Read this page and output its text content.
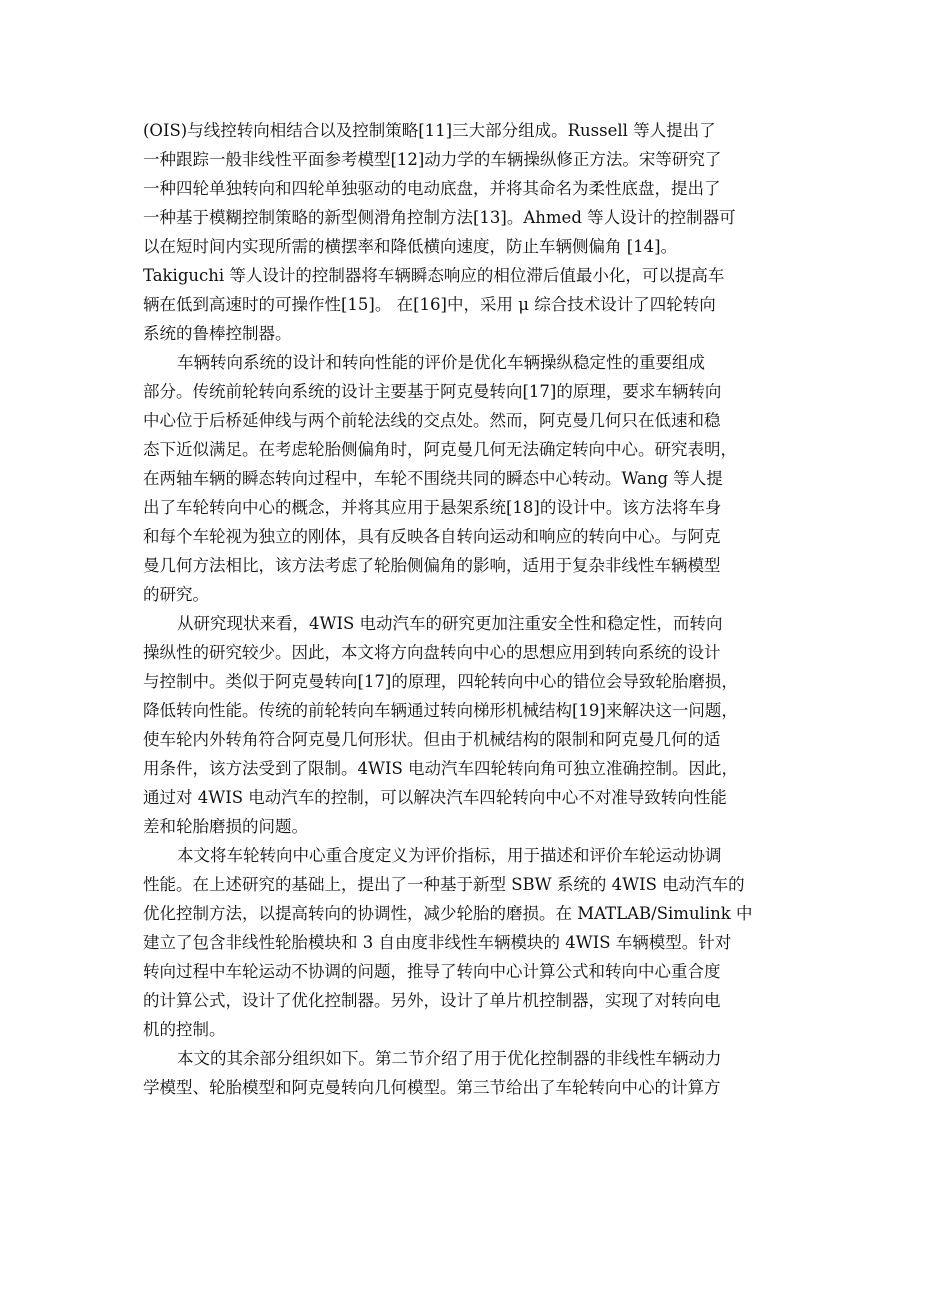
(OIS)与线控转向相结合以及控制策略[11]三大部分组成。Russell 等人提出了
一种跟踪一般非线性平面参考模型[12]动力学的车辆操纵修正方法。宋等研究了
一种四轮单独转向和四轮单独驱动的电动底盘，并将其命名为柔性底盘，提出了
一种基于模糊控制策略的新型侧滑角控制方法[13]。Ahmed 等人设计的控制器可
以在短时间内实现所需的横摆率和降低横向速度，防止车辆侧偏角 [14]。
Takiguchi 等人设计的控制器将车辆瞬态响应的相位滞后值最小化，可以提高车
辆在低到高速时的可操作性[15]。 在[16]中，采用 μ 综合技术设计了四轮转向
系统的鲁棒控制器。

车辆转向系统的设计和转向性能的评价是优化车辆操纵稳定性的重要组成
部分。传统前轮转向系统的设计主要基于阿克曼转向[17]的原理，要求车辆转向
中心位于后桥延伸线与两个前轮法线的交点处。然而，阿克曼几何只在低速和稳
态下近似满足。在考虑轮胎侧偏角时，阿克曼几何无法确定转向中心。研究表明，
在两轴车辆的瞬态转向过程中，车轮不围绕共同的瞬态中心转动。Wang 等人提
出了车轮转向中心的概念，并将其应用于悬架系统[18]的设计中。该方法将车身
和每个车轮视为独立的刚体，具有反映各自转向运动和响应的转向中心。与阿克
曼几何方法相比，该方法考虑了轮胎侧偏角的影响，适用于复杂非线性车辆模型
的研究。

从研究现状来看，4WIS 电动汽车的研究更加注重安全性和稳定性，而转向
操纵性的研究较少。因此，本文将方向盘转向中心的思想应用到转向系统的设计
与控制中。类似于阿克曼转向[17]的原理，四轮转向中心的错位会导致轮胎磨损，
降低转向性能。传统的前轮转向车辆通过转向梯形机械结构[19]来解决这一问题，
使车轮内外转角符合阿克曼几何形状。但由于机械结构的限制和阿克曼几何的适
用条件，该方法受到了限制。4WIS 电动汽车四轮转向角可独立准确控制。因此，
通过对 4WIS 电动汽车的控制，可以解决汽车四轮转向中心不对准导致转向性能
差和轮胎磨损的问题。

本文将车轮转向中心重合度定义为评价指标，用于描述和评价车轮运动协调
性能。在上述研究的基础上，提出了一种基于新型 SBW 系统的 4WIS 电动汽车的
优化控制方法，以提高转向的协调性，减少轮胎的磨损。在 MATLAB/Simulink 中
建立了包含非线性轮胎模块和 3 自由度非线性车辆模块的 4WIS 车辆模型。针对
转向过程中车轮运动不协调的问题，推导了转向中心计算公式和转向中心重合度
的计算公式，设计了优化控制器。另外，设计了单片机控制器，实现了对转向电
机的控制。

本文的其余部分组织如下。第二节介绍了用于优化控制器的非线性车辆动力
学模型、轮胎模型和阿克曼转向几何模型。第三节给出了车轮转向中心的计算方
